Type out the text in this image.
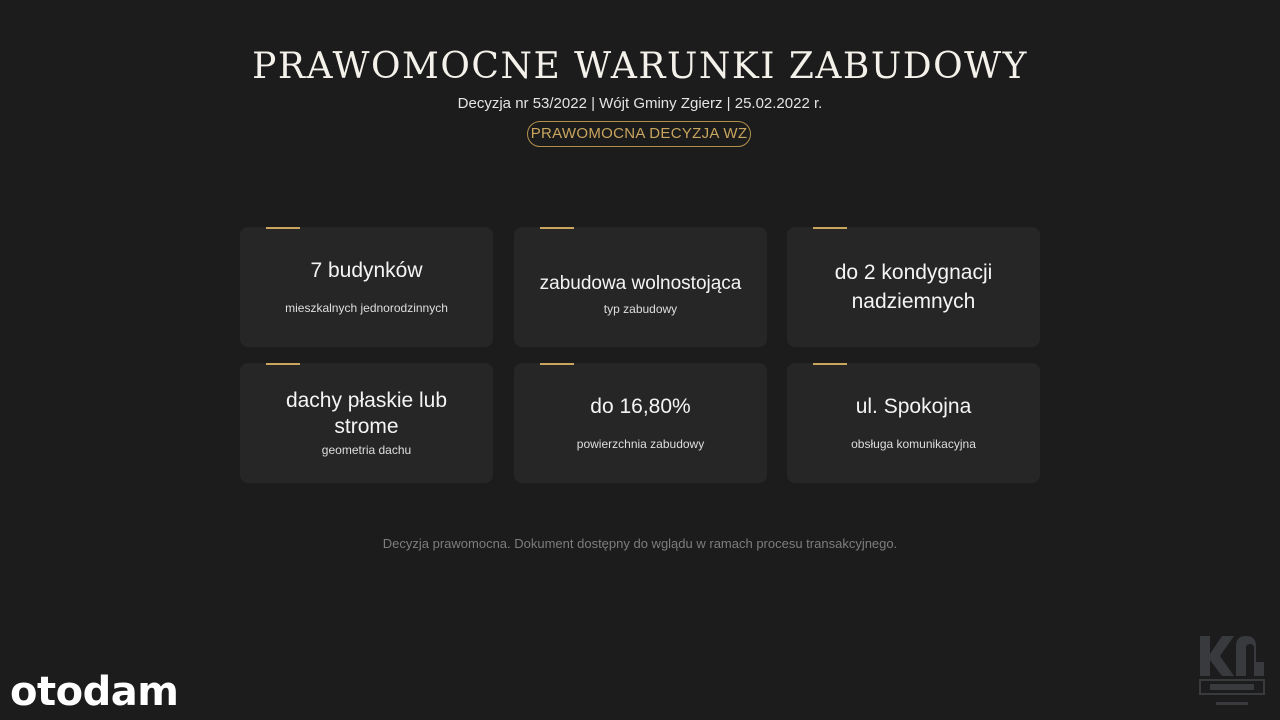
PRAWOMOCNE WARUNKI ZABUDOWY
Decyzja nr 53/2022 | Wójt Gminy Zgierz | 25.02.2022 r.
PRAWOMOCNA DECYZJA WZ
7 budynków
mieszkalnych jednorodzinnych
zabudowa wolnostojąca
typ zabudowy
do 2 kondygnacji nadziemnych
dachy płaskie lub strome
geometria dachu
do 16,80%
powierzchnia zabudowy
ul. Spokojna
obsługa komunikacyjna
Decyzja prawomocna. Dokument dostępny do wglądu w ramach procesu transakcyjnego.
otodam
